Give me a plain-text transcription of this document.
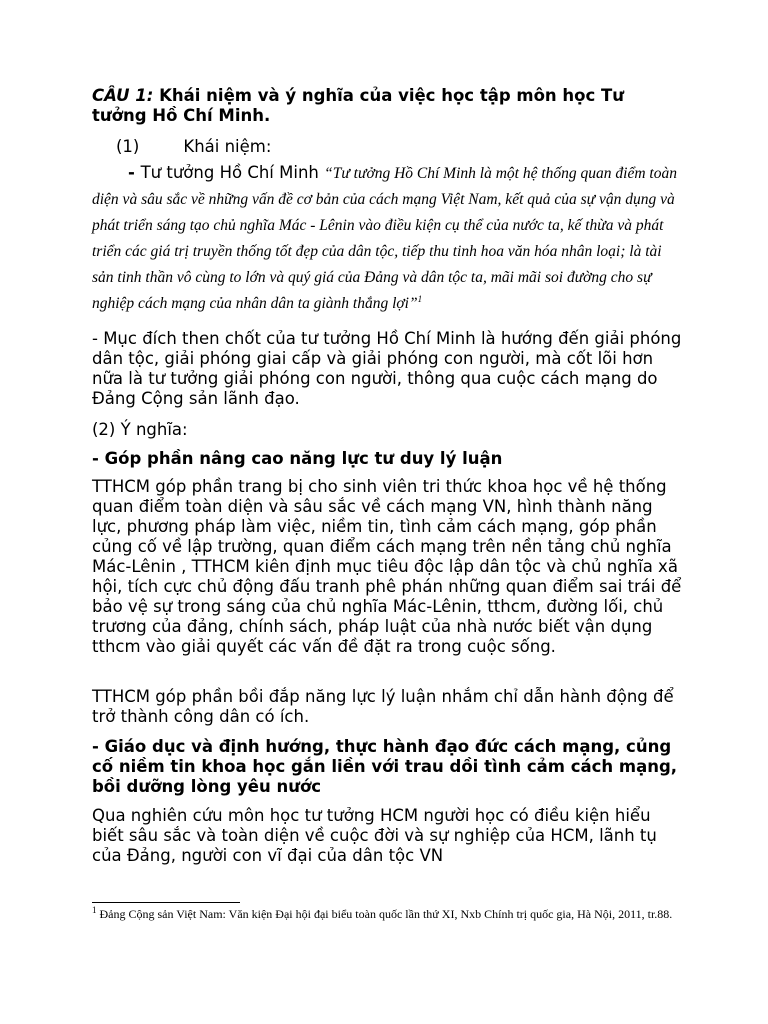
CÂU 1: Khái niệm và ý nghĩa của việc học tập môn học Tư tưởng Hồ Chí Minh.
(1)	Khái niệm:
- Tư tưởng Hồ Chí Minh “Tư tưởng Hồ Chí Minh là một hệ thống quan điểm toàn diện và sâu sắc về những vấn đề cơ bản của cách mạng Việt Nam, kết quả của sự vận dụng và phát triển sáng tạo chủ nghĩa Mác - Lênin vào điều kiện cụ thể của nước ta, kế thừa và phát triển các giá trị truyền thống tốt đẹp của dân tộc, tiếp thu tinh hoa văn hóa nhân loại; là tài sản tinh thần vô cùng to lớn và quý giá của Đảng và dân tộc ta, mãi mãi soi đường cho sự nghiệp cách mạng của nhân dân ta giành thắng lợi”$^1$
- Mục đích then chốt của tư tưởng Hồ Chí Minh là hướng đến giải phóng dân tộc, giải phóng giai cấp và giải phóng con người, mà cốt lõi hơn nữa là tư tưởng giải phóng con người, thông qua cuộc cách mạng do Đảng Cộng sản lãnh đạo.
(2) Ý nghĩa:
- Góp phần nâng cao năng lực tư duy lý luận
TTHCM góp phần trang bị cho sinh viên tri thức khoa học về hệ thống quan điểm toàn diện và sâu sắc về cách mạng VN, hình thành năng lực, phương pháp làm việc, niềm tin, tình cảm cách mạng, góp phần củng cố về lập trường, quan điểm cách mạng trên nền tảng chủ nghĩa Mác-Lênin , TTHCM kiên định mục tiêu độc lập dân tộc và chủ nghĩa xã hội, tích cực chủ động đấu tranh phê phán những quan điểm sai trái để bảo vệ sự trong sáng của chủ nghĩa Mác-Lênin, tthcm, đường lối, chủ trương của đảng, chính sách, pháp luật của nhà nước biết vận dụng tthcm vào giải quyết các vấn đề đặt ra trong cuộc sống.
TTHCM góp phần bồi đắp năng lực lý luận nhắm chỉ dẫn hành động để trở thành công dân có ích.
- Giáo dục và định hướng, thực hành đạo đức cách mạng, củng cố niềm tin khoa học gắn liền với trau dồi tình cảm cách mạng, bồi dưỡng lòng yêu nước
Qua nghiên cứu môn học tư tưởng HCM người học có điều kiện hiểu biết sâu sắc và toàn diện về cuộc đời và sự nghiệp của HCM, lãnh tụ của Đảng, người con vĩ đại của dân tộc VN
$^1$ Đảng Cộng sản Việt Nam: Văn kiện Đại hội đại biểu toàn quốc lần thứ XI, Nxb Chính trị quốc gia, Hà Nội, 2011, tr.88.
